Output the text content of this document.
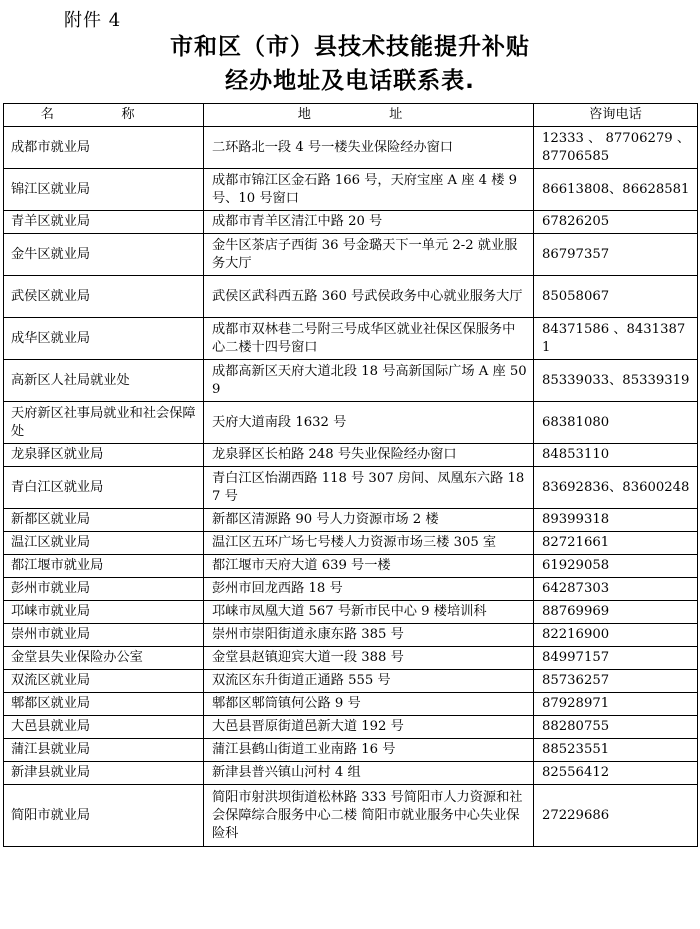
附件 4
市和区（市）县技术技能提升补贴
经办地址及电话联系表.
名 称	地 址	咨询电话
成都市就业局	二环路北一段 4 号一楼失业保险经办窗口	12333 、 87706279 、 87706585
锦江区就业局	成都市锦江区金石路 166 号，天府宝座 A 座 4 楼 9 号、10 号窗口	86613808、86628581
青羊区就业局	成都市青羊区清江中路 20 号	67826205
金牛区就业局	金牛区茶店子西街 36 号金璐天下一单元 2-2 就业服务大厅	86797357
武侯区就业局	武侯区武科西五路 360 号武侯政务中心就业服务大厅	85058067
成华区就业局	成都市双林巷二号附三号成华区就业社保区保服务中心二楼十四号窗口	84371586 、84313871
高新区人社局就业处	成都高新区天府大道北段 18 号高新国际广场 A 座 509	85339033、85339319
天府新区社事局就业和社会保障处	天府大道南段 1632 号	68381080
龙泉驿区就业局	龙泉驿区长柏路 248 号失业保险经办窗口	84853110
青白江区就业局	青白江区怡湖西路 118 号 307 房间、凤凰东六路 187 号	83692836、83600248
新都区就业局	新都区清源路 90 号人力资源市场 2 楼	89399318
温江区就业局	温江区五环广场七号楼人力资源市场三楼 305 室	82721661
都江堰市就业局	都江堰市天府大道 639 号一楼	61929058
彭州市就业局	彭州市回龙西路 18 号	64287303
邛崃市就业局	邛崃市凤凰大道 567 号新市民中心 9 楼培训科	88769969
崇州市就业局	崇州市崇阳街道永康东路 385 号	82216900
金堂县失业保险办公室	金堂县赵镇迎宾大道一段 388 号	84997157
双流区就业局	双流区东升街道正通路 555 号	85736257
郫都区就业局	郫都区郫筒镇何公路 9 号	87928971
大邑县就业局	大邑县晋原街道邑新大道 192 号	88280755
蒲江县就业局	蒲江县鹤山街道工业南路 16 号	88523551
新津县就业局	新津县普兴镇山河村 4 组	82556412
简阳市就业局	简阳市射洪坝街道松林路 333 号简阳市人力资源和社会保障综合服务中心二楼 简阳市就业服务中心失业保险科	27229686
